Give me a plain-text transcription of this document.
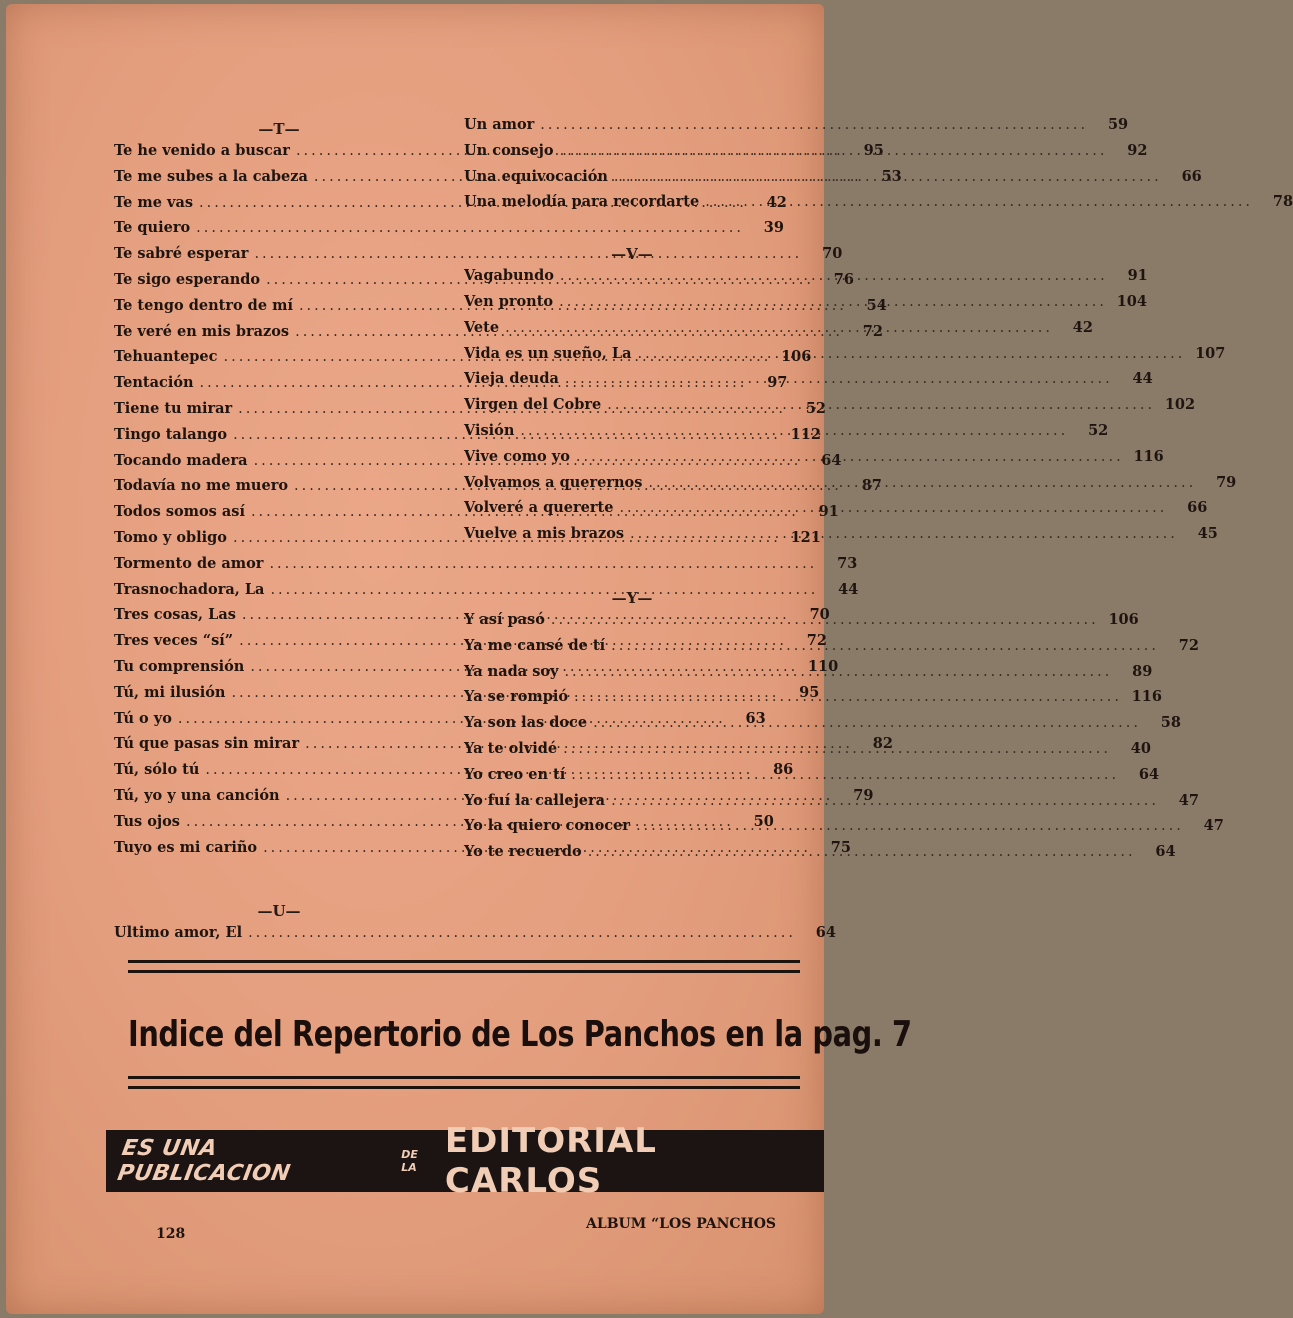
—T—
Te he venido a buscar .....	95
Te me subes a la cabeza .....	53
Te me vas .....	42
Te quiero .....	39
Te sabré esperar .....	70
Te sigo esperando .....	76
Te tengo dentro de mí .....	54
Te veré en mis brazos .....	72
Tehuantepec .....	106
Tentación .....	97
Tiene tu mirar .....	52
Tingo talango .....	112
Tocando madera .....	64
Todavía no me muero .....	87
Todos somos así .....	91
Tomo y obligo .....	121
Tormento de amor .....	73
Trasnochadora, La .....	44
Tres cosas, Las .....	70
Tres veces “sí” .....	72
Tu comprensión .....	110
Tú, mi ilusión .....	95
Tú o yo .....	63
Tú que pasas sin mirar .....	82
Tú, sólo tú .....	86
Tú, yo y una canción .....	79
Tus ojos .....	50
Tuyo es mi cariño .....	75
—U—
Ultimo amor, El .....	64
Un amor .....	59
Un consejo .....	92
Una equivocación .....	66
Una melodía para recordarte .....	78
—V—
Vagabundo .....	91
Ven pronto .....	104
Vete .....	42
Vida es un sueño, La .....	107
Vieja deuda .....	44
Virgen del Cobre .....	102
Visión .....	52
Vive como yo .....	116
Volvamos a querernos .....	79
Volveré a quererte .....	66
Vuelve a mis brazos .....	45
—Y—
Y así pasó .....	106
Ya me cansé de tí .....	72
Ya nada soy .....	89
Ya se rompió .....	116
Ya son las doce .....	58
Ya te olvidé .....	40
Yo creo en tí .....	64
Yo fuí la callejera .....	47
Yo la quiero conocer .....	47
Yo te recuerdo .....	64
Indice del Repertorio de Los Panchos en la pag. 7
ES UNA PUBLICACION
DE LA
EDITORIAL CARLOS
128
ALBUM “LOS PANCHOS
